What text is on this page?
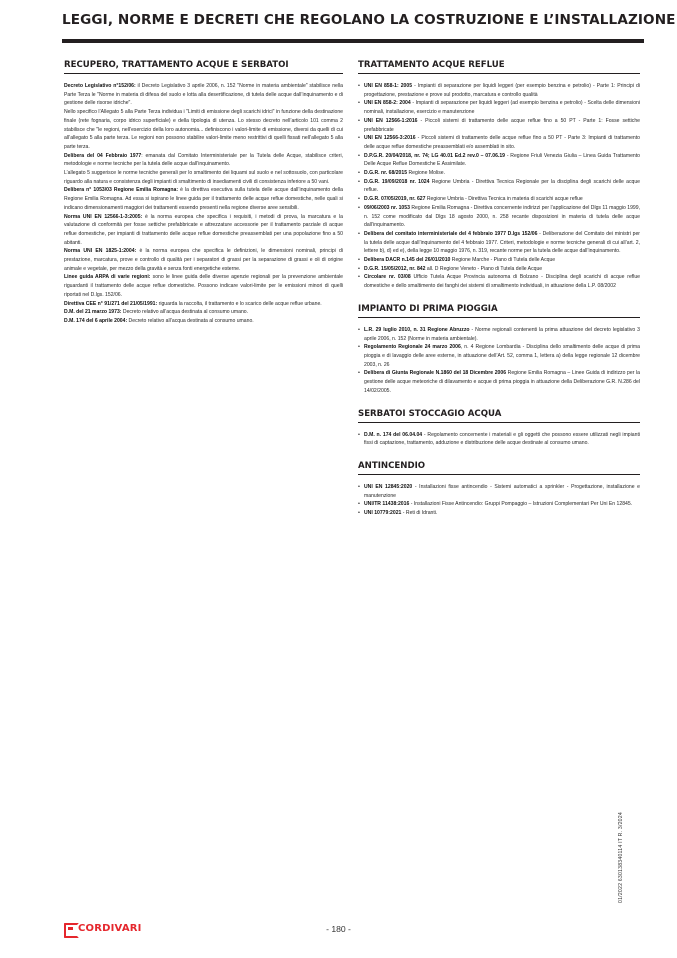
LEGGI, NORME E DECRETI CHE REGOLANO LA COSTRUZIONE E L’INSTALLAZIONE
RECUPERO, TRATTAMENTO ACQUE E SERBATOI
Decreto Legislativo n°152/06: il Decreto Legislativo 3 aprile 2006, n. 152 "Norme in materia ambientale" stabilisce nella Parte Terza le "Norme in materia di difesa del suolo e lotta alla desertificazione, di tutela delle acque dall’inquinamento e di gestione delle risorse idriche".
Nello specifico l’Allegato 5 alla Parte Terza individua i "Limiti di emissione degli scarichi idrici" in funzione della destinazione finale (rete fognaria, corpo idrico superficiale) e della tipologia di utenza. Lo stesso decreto nell’articolo 101 comma 2 stabilisce che "le regioni, nell’esercizio della loro autonomia... definiscono i valori-limite di emissione, diversi da quelli di cui all’allegato 5 alla parte terza. Le regioni non possono stabilire valori-limite meno restrittivi di quelli fissati nell’allegato 5 alla parte terza.
Delibera del 04 Febbraio 1977: emanata dal Comitato Interministeriale per la Tutela delle Acque, stabilisce criteri, metodologie e norme tecniche per la tutela delle acque dall’inquinamento.
L’allegato 5 suggerisce le norme tecniche generali per lo smaltimento dei liquami sul suolo e nel sottosuolo, con particolare riguardo alla natura e consistenza degli impianti di smaltimento di insediamenti civili di consistenza inferiore a 50 vani.
Delibera n° 1053/03 Regione Emilia Romagna: è la direttiva esecutiva sulla tutela delle acque dall’inquinamento della Regione Emilia Romagna. Ad essa si ispirano le linee guida per il trattamento delle acque reflue domestiche, nelle quali si indicano dimensionamenti maggiori dei trattamenti essendo presenti nella regione diverse aree sensibili.
Norma UNI EN 12566-1-3:2005: è la norma europea che specifica i requisiti, i metodi di prova, la marcatura e la valutazione di conformità per fosse settiche prefabbricate e attrezzature accessorie per il trattamento parziale di acque reflue domestiche, per impianti di trattamento delle acque reflue domestiche preassemblati per una popolazione fino a 50 abitanti.
Norma UNI EN 1825-1:2004: è la norma europea che specifica le definizioni, le dimensioni nominali, principi di prestazione, marcatura, prove e controllo di qualità per i separatori di grassi per la separazione di grassi e oli di origine animale e vegetale, per mezzo della gravità e senza fonti energetiche esterne.
Linee guida ARPA di varie regioni: sono le linee guida delle diverse agenzie regionali per la prevenzione ambientale riguardanti il trattamento delle acque reflue domestiche. Possono indicare valori-limite per le emissioni minori di quelli riportati nel D.lgs. 152/06.
Direttiva CEE n° 91/271 del 21/05/1991: riguarda la raccolta, il trattamento e lo scarico delle acque reflue urbane.
D.M. del 21 marzo 1973: Decreto relativo all’acqua destinata al consumo umano.
D.M. 174 del 6 aprile 2004: Decreto relativo all’acqua destinata al consumo umano.
TRATTAMENTO ACQUE REFLUE
• UNI EN 858-1: 2005 - Impianti di separazione per liquidi leggeri (per esempio benzina e petrolio) - Parte 1: Principi di progettazione, prestazione e prove sul prodotto, marcatura e controllo qualità
• UNI EN 858-2: 2004 - Impianti di separazione per liquidi leggeri (ad esempio benzina e petrolio) - Scelta delle dimensioni nominali, installazione, esercizio e manutenzione
• UNI EN 12566-1:2016 - Piccoli sistemi di trattamento delle acque reflue fino a 50 PT - Parte 1: Fosse settiche prefabbricate
• UNI EN 12566-3:2016 - Piccoli sistemi di trattamento delle acque reflue fino a 50 PT - Parte 3: Impianti di trattamento delle acque reflue domestiche preassemblati e/o assemblati in sito.
• D.P.G.R. 20/04/2018, nr. 74; LG 40.01 Ed.2 rev.0 – 07.06.19 - Regione Friuli Venezia Giulia – Linea Guida Trattamento Delle Acque Reflue Domestiche E Assimilate.
• D.G.R. nr. 68/2015 Regione Molise.
• D.G.R. 19/09/2018 nr. 1024 Regione Umbria - Direttiva Tecnica Regionale per la disciplina degli scarichi delle acque reflue.
• D.G.R. 07/05/2019, nr. 627 Regione Umbria - Direttiva Tecnica in materia di scarichi acque reflue
• 09/06/2003 nr. 1053 Regione Emilia Romagna - Direttiva concernente indirizzi per l’applicazione del Dlgs 11 maggio 1999, n. 152 come modificato dal Dlgs 18 agosto 2000, n. 258 recante disposizioni in materia di tutela delle acque dall’inquinamento.
• Delibera del comitato interministeriale del 4 febbraio 1977 D.lgs 152/06 - Deliberazione del Comitato dei ministri per la tutela delle acque dall’inquinamento del 4 febbraio 1977. Criteri, metodologie e norme tecniche generali di cui all’art. 2, lettere b), d) ed e), della legge 10 maggio 1976, n. 319, recante norme per la tutela delle acque dall’inquinamento.
• Delibera DACR n.145 del 26/01/2010 Regione Marche - Piano di Tutela delle Acque
• D.G.R. 15/05/2012, nr. 842 all. D Regione Veneto - Piano di Tutela delle Acque
• Circolare nr. 03/08 Ufficio Tutela Acque Provincia autonoma di Bolzano - Disciplina degli scarichi di acque reflue domestiche e dello smaltimento dei fanghi dei sistemi di smaltimento individuali, in attuazione della L.P. 08/2002
IMPIANTO DI PRIMA PIOGGIA
• L.R. 29 luglio 2010, n. 31 Regione Abruzzo - Norme regionali contenenti la prima attuazione del decreto legislativo 3 aprile 2006, n. 152 (Norme in materia ambientale).
• Regolamento Regionale 24 marzo 2006, n. 4 Regione Lombardia - Disciplina dello smaltimento delle acque di prima pioggia e di lavaggio delle aree esterne, in attuazione dell’Art. 52, comma 1, lettera a) della legge regionale 12 dicembre 2003, n. 26
• Delibera di Giunta Regionale N.1860 del 18 Dicembre 2006 Regione Emilia Romagna – Linee Guida di indirizzo per la gestione delle acque meteoriche di dilavamento e acque di prima pioggia in attuazione della Deliberazione G.R. N.286 del 14/02/2005.
SERBATOI STOCCAGIO ACQUA
• D.M. n. 174 del 06.04.04 - Regolamento concernente i materiali e gli oggetti che possono essere utilizzati negli impianti fissi di captazione, trattamento, adduzione e distribuzione delle acque destinate al consumo umano.
ANTINCENDIO
• UNI EN 12845:2020 - Installazioni fisse antincendio - Sistemi automatici a sprinkler - Progettazione, installazione e manutenzione
• UNI/TR 11438:2016 - Installazioni Fisse Antincendio: Gruppi Pompaggio – Istruzioni Complementari Per Uni En 12845.
• UNI 10779:2021 - Reti di Idranti.
01/2022 630138340114 IT R. 3/2024
CORDIVARI	- 180 -
